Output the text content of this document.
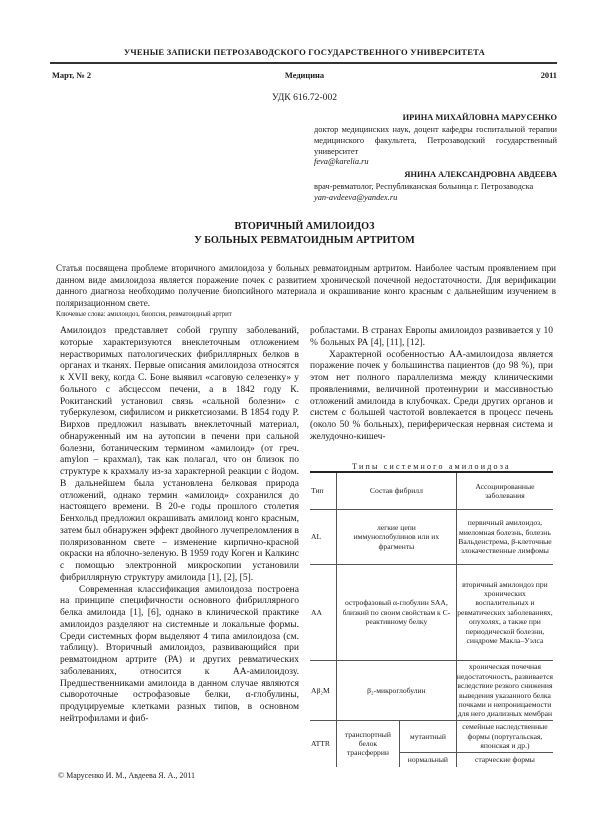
УЧЕНЫЕ ЗАПИСКИ ПЕТРОЗАВОДСКОГО ГОСУДАРСТВЕННОГО УНИВЕРСИТЕТА
Март, № 2	Медицина	2011
УДК 616.72-002
ИРИНА МИХАЙЛОВНА МАРУСЕНКО
доктор медицинских наук, доцент кафедры госпитальной терапии медицинского факультета, Петрозаводский государственный университет
feva@karelia.ru
ЯНИНА АЛЕКСАНДРОВНА АВДЕЕВА
врач-ревматолог, Республиканская больница г. Петрозаводска
yan-avdeeva@yandex.ru
ВТОРИЧНЫЙ АМИЛОИДОЗ
У БОЛЬНЫХ РЕВМАТОИДНЫМ АРТРИТОМ
Статья посвящена проблеме вторичного амилоидоза у больных ревматоидным артритом. Наиболее частым проявлением при данном виде амилоидоза является поражение почек с развитием хронической почечной недостаточности. Для верификации данного диагноза необходимо получение биопсийного материала и окрашивание конго красным с дальнейшим изучением в поляризационном свете.
Ключевые слова: амилоидоз, биопсия, ревматоидный артрит

Амилоидоз представляет собой группу заболеваний, которые характеризуются внеклеточным отложением нерастворимых патологических фибриллярных белков в органах и тканях. Первые описания амилоидоза относятся к XVII веку, когда С. Боне выявил «саговую селезенку» у больного с абсцессом печени, а в 1842 году К. Рокитанский установил связь «сальной болезни» с туберкулезом, сифилисом и риккетсиозами. В 1854 году Р. Вирхов предложил называть внеклеточный материал, обнаруженный им на аутопсии в печени при сальной болезни, ботаническим термином «амилоид» (от греч. amylon – крахмал), так как полагал, что он близок по структуре к крахмалу из-за характерной реакции с йодом. В дальнейшем была установлена белковая природа отложений, однако термин «амилоид» сохранился до настоящего времени. В 20-е годы прошлого столетия Бенхольд предложил окрашивать амилоид конго красным, затем был обнаружен эффект двойного лучепреломления в поляризованном свете – изменение кирпично-красной окраски на яблочно-зеленую. В 1959 году Коген и Калкинс с помощью электронной микроскопии установили фибриллярную структуру амилоида [1], [2], [5].

Современная классификация амилоидоза построена на принципе специфичности основного фибриллярного белка амилоида [1], [6], однако в клинической практике амилоидоз разделяют на системные и локальные формы. Среди системных форм выделяют 4 типа амилоидоза (см. таблицу). Вторичный амилоидоз, развивающийся при ревматоидном артрите (РА) и других ревматических заболеваниях, относится к АА-амилоидозу. Предшественниками амилоида в данном случае являются сывороточные острофазовые белки, α-глобулины, продуцируемые клетками разных типов, в основном нейтрофилами и фиб-

робластами. В странах Европы амилоидоз развивается у 10 % больных РА [4], [11], [12].

Характерной особенностью АА-амилоидоза является поражение почек у большинства пациентов (до 98 %), при этом нет полного параллелизма между клиническими проявлениями, величиной протеинурии и массивностью отложений амилоида в клубочках. Среди других органов и систем с большей частотой вовлекается в процесс печень (около 50 % больных), периферическая нервная система и желудочно-кишеч-

Типы системного амилоидоза
Тип	Состав фибрилл		Ассоциированные заболевания
AL	легкие цепи иммуноглобулинов или их фрагменты		первичный амилоидоз, миеломная болезнь, болезнь Вальденстрема, β-клеточные злокачественные лимфомы
AA	острофазовый α-глобулин SAA, близкий по своим свойствам к С-реактивному белку		вторичный амилоидоз при хронических воспалительных и ревматических заболеваниях, опухолях, а также при периодической болезни, синдроме Макла–Уэлса
Aβ₂M	β₂-микроглобулин		хроническая почечная недостаточность, развивается вследствие резкого снижения выведения указанного белка почками и непроницаемости для него диализных мембран
ATTR	транспортный белок трансферрин	мутантный	семейные наследственные формы (португальская, японская и др.)
		нормальный	старческие формы
© Марусенко И. М., Авдеева Я. А., 2011
